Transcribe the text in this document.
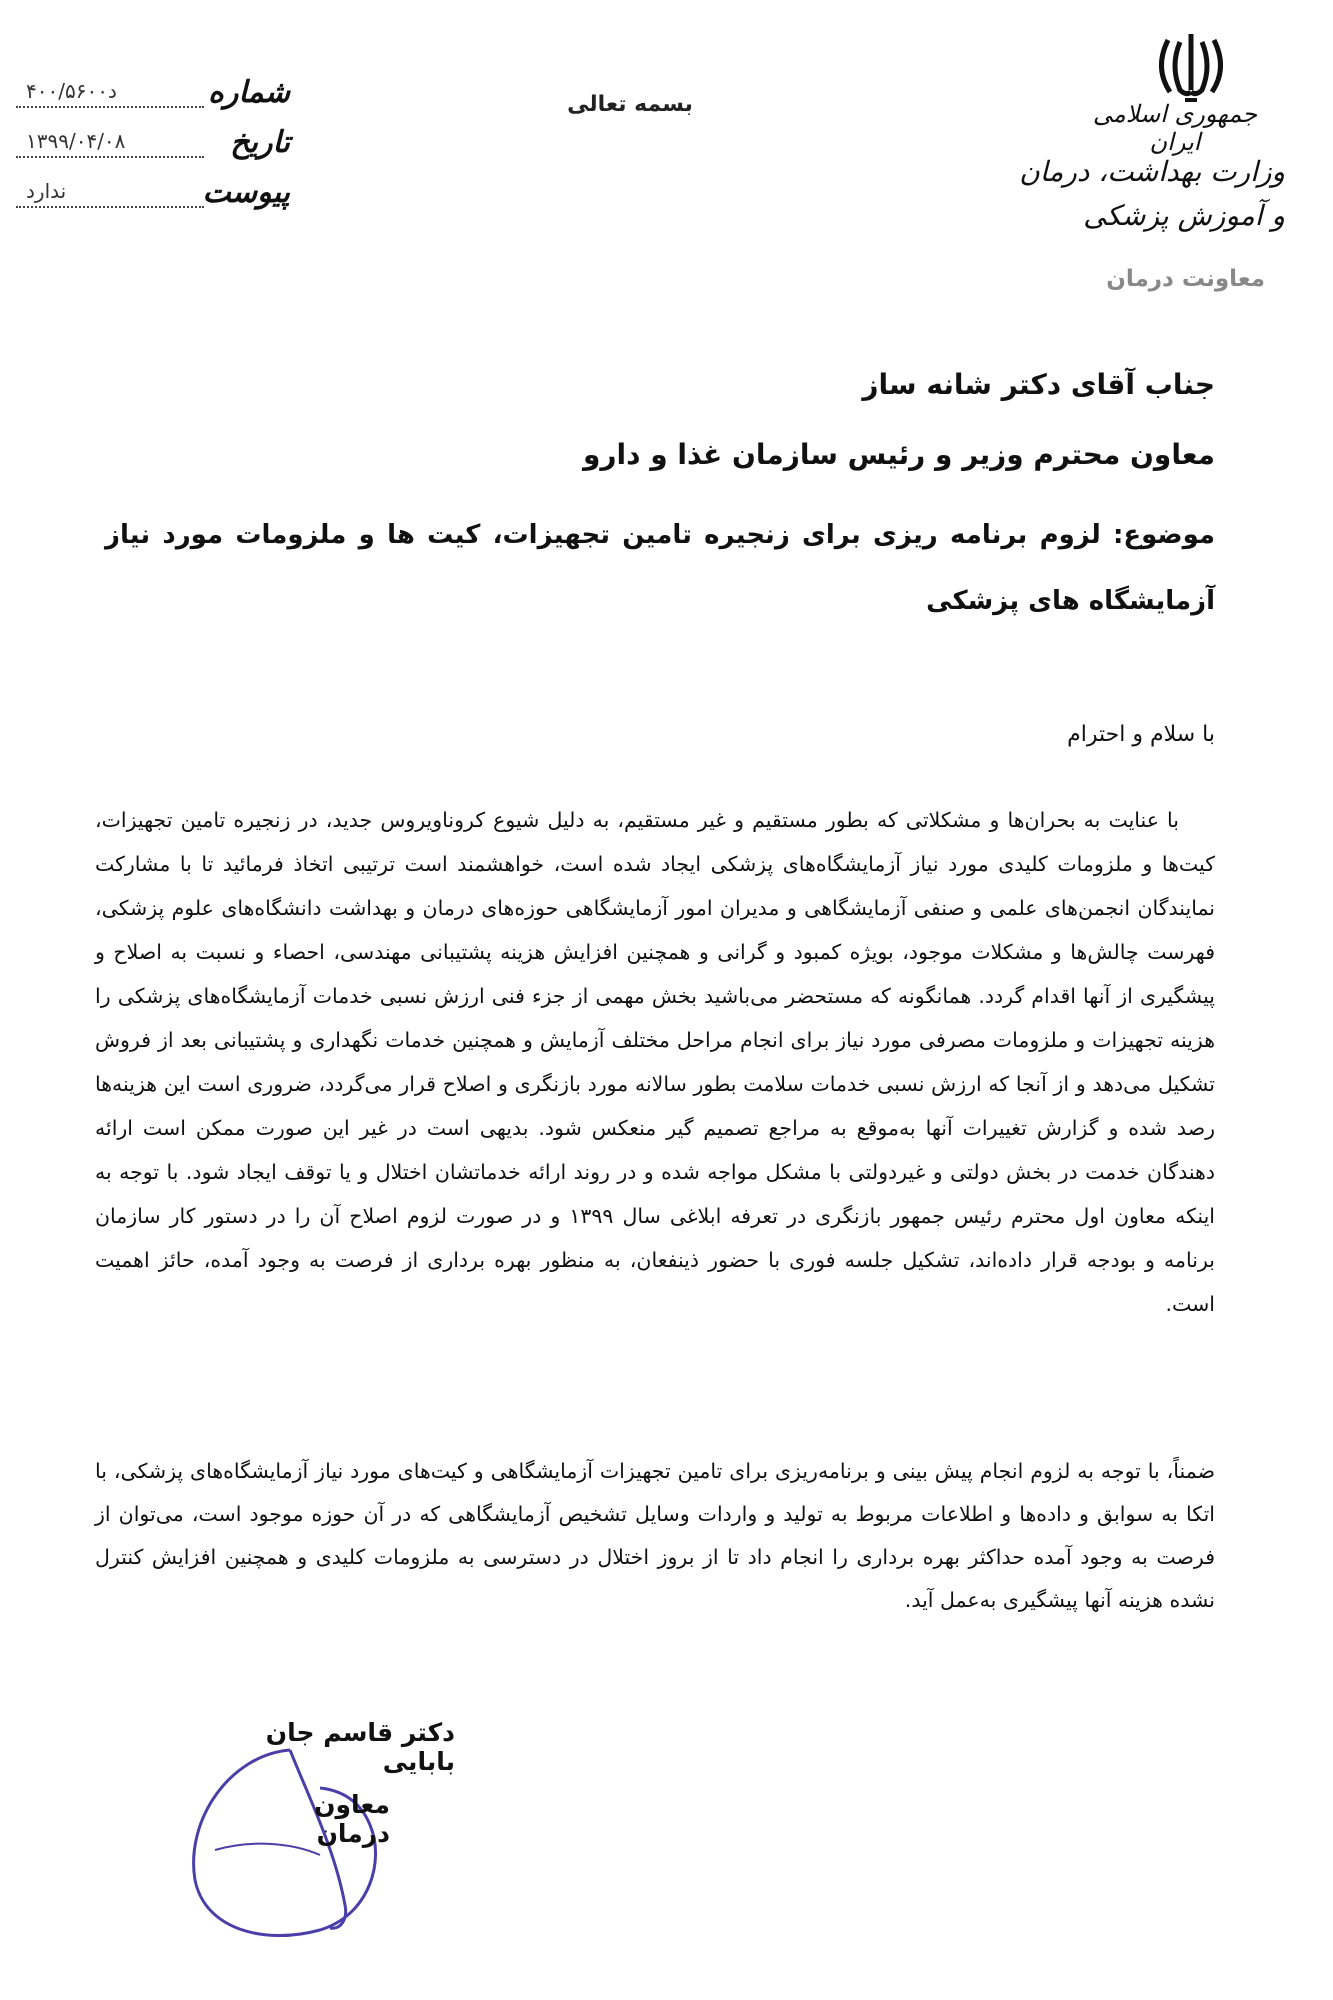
شماره
د۴۰۰/۵۶۰۰
تاریخ
۱۳۹۹/۰۴/۰۸
پیوست
ندارد
بسمه تعالی	جمهوری اسلامی ایران
وزارت بهداشت، درمان و آموزش پزشکی
معاونت درمان
جناب آقای دکتر شانه ساز
معاون محترم وزیر و رئیس سازمان غذا و دارو
موضوع: لزوم برنامه ریزی برای زنجیره تامین تجهیزات، کیت ها و ملزومات مورد نیاز آزمایشگاه های پزشکی
با سلام و احترام
با عنایت به بحران‌ها و مشکلاتی که بطور مستقیم و غیر مستقیم، به دلیل شیوع کروناویروس جدید، در زنجیره تامین تجهیزات، کیت‌ها و ملزومات کلیدی مورد نیاز آزمایشگاه‌های پزشکی ایجاد شده است، خواهشمند است ترتیبی اتخاذ فرمائید تا با مشارکت نمایندگان انجمن‌های علمی و صنفی آزمایشگاهی و مدیران امور آزمایشگاهی حوزه‌های درمان و بهداشت دانشگاه‌های علوم پزشکی، فهرست چالش‌ها و مشکلات موجود، بویژه کمبود و گرانی و همچنین افزایش هزینه پشتیبانی مهندسی، احصاء و نسبت به اصلاح و پیشگیری از آنها اقدام گردد. همانگونه که مستحضر می‌باشید بخش مهمی از جزء فنی ارزش نسبی خدمات آزمایشگاه‌های پزشکی را هزینه تجهیزات و ملزومات مصرفی مورد نیاز برای انجام مراحل مختلف آزمایش و همچنین خدمات نگهداری و پشتیبانی بعد از فروش تشکیل می‌دهد و از آنجا که ارزش نسبی خدمات سلامت بطور سالانه مورد بازنگری و اصلاح قرار می‌گردد، ضروری است این هزینه‌ها رصد شده و گزارش تغییرات آنها به‌موقع به مراجع تصمیم گیر منعکس شود. بدیهی است در غیر این صورت ممکن است ارائه دهندگان خدمت در بخش دولتی و غیردولتی با مشکل مواجه شده و در روند ارائه خدماتشان اختلال و یا توقف ایجاد شود. با توجه به اینکه معاون اول محترم رئیس جمهور بازنگری در تعرفه ابلاغی سال ۱۳۹۹ و در صورت لزوم اصلاح آن را در دستور کار سازمان برنامه و بودجه قرار داده‌اند، تشکیل جلسه فوری با حضور ذینفعان، به منظور بهره برداری از فرصت به وجود آمده، حائز اهمیت است.
ضمناً، با توجه به لزوم انجام پیش بینی و برنامه‌ریزی برای تامین تجهیزات آزمایشگاهی و کیت‌های مورد نیاز آزمایشگاه‌های پزشکی، با اتکا به سوابق و داده‌ها و اطلاعات مربوط به تولید و واردات وسایل تشخیص آزمایشگاهی که در آن حوزه موجود است، می‌توان از فرصت به وجود آمده حداکثر بهره برداری را انجام داد تا از بروز اختلال در دسترسی به ملزومات کلیدی و همچنین افزایش کنترل نشده هزینه آنها پیشگیری به‌عمل آید.
دکتر قاسم جان بابایی
معاون درمان
